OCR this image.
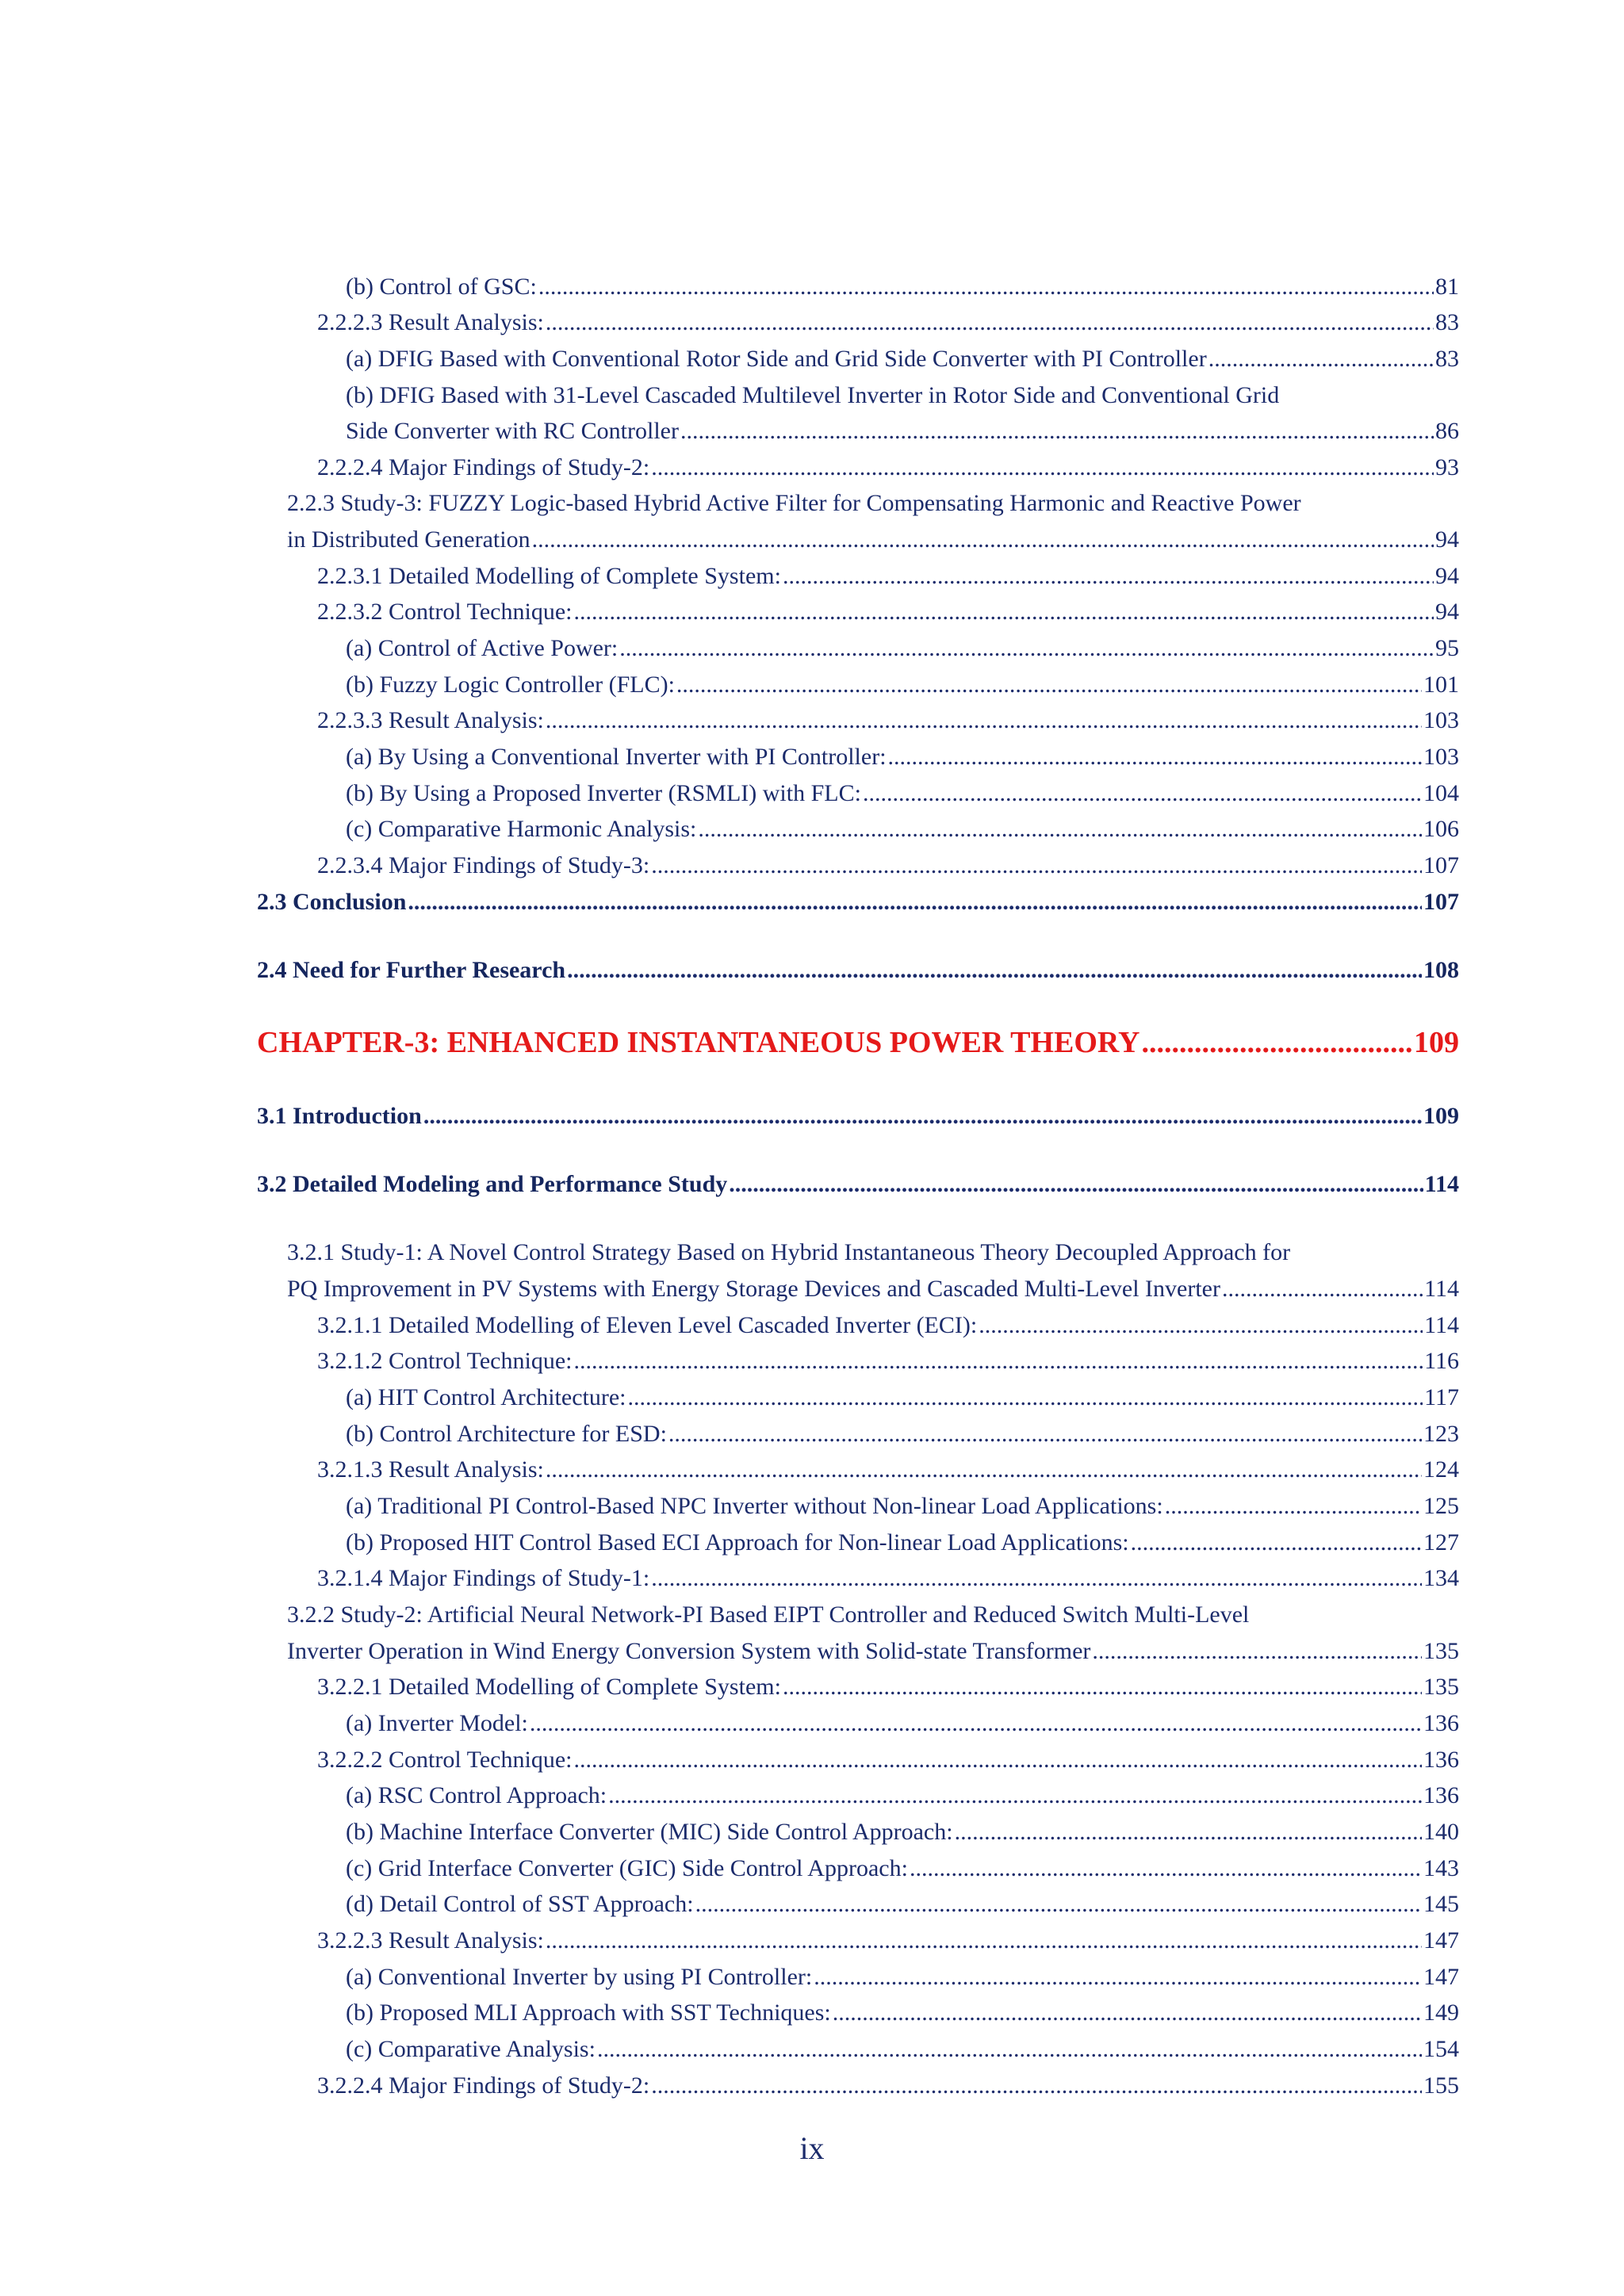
(b) Control of GSC: .....	81
2.2.2.3 Result Analysis: .....	83
(a) DFIG Based with Conventional Rotor Side and Grid Side Converter with PI Controller .....	83
(b) DFIG Based with 31-Level Cascaded Multilevel Inverter in Rotor Side and Conventional Grid
Side Converter with RC Controller .....	86
2.2.2.4 Major Findings of Study-2: .....	93
2.2.3 Study-3: FUZZY Logic-based Hybrid Active Filter for Compensating Harmonic and Reactive Power
in Distributed Generation .....	94
2.2.3.1 Detailed Modelling of Complete System: .....	94
2.2.3.2 Control Technique: .....	94
(a) Control of Active Power: .....	95
(b) Fuzzy Logic Controller (FLC): .....	101
2.2.3.3 Result Analysis: .....	103
(a) By Using a Conventional Inverter with PI Controller: .....	103
(b) By Using a Proposed Inverter (RSMLI) with FLC: .....	104
(c) Comparative Harmonic Analysis: .....	106
2.2.3.4 Major Findings of Study-3: .....	107
2.3 Conclusion .....	107
2.4 Need for Further Research .....	108
CHAPTER-3: ENHANCED INSTANTANEOUS POWER THEORY .....	109
3.1 Introduction .....	109
3.2 Detailed Modeling and Performance Study .....	114
3.2.1 Study-1: A Novel Control Strategy Based on Hybrid Instantaneous Theory Decoupled Approach for
PQ Improvement in PV Systems with Energy Storage Devices and Cascaded Multi-Level Inverter .....	114
3.2.1.1 Detailed Modelling of Eleven Level Cascaded Inverter (ECI): .....	114
3.2.1.2 Control Technique: .....	116
(a) HIT Control Architecture: .....	117
(b) Control Architecture for ESD: .....	123
3.2.1.3 Result Analysis: .....	124
(a) Traditional PI Control-Based NPC Inverter without Non-linear Load Applications: .....	125
(b) Proposed HIT Control Based ECI Approach for Non-linear Load Applications: .....	127
3.2.1.4 Major Findings of Study-1: .....	134
3.2.2 Study-2: Artificial Neural Network-PI Based EIPT Controller and Reduced Switch Multi-Level
Inverter Operation in Wind Energy Conversion System with Solid-state Transformer .....	135
3.2.2.1 Detailed Modelling of Complete System: .....	135
(a) Inverter Model: .....	136
3.2.2.2 Control Technique: .....	136
(a) RSC Control Approach: .....	136
(b) Machine Interface Converter (MIC) Side Control Approach: .....	140
(c) Grid Interface Converter (GIC) Side Control Approach: .....	143
(d) Detail Control of SST Approach: .....	145
3.2.2.3 Result Analysis: .....	147
(a) Conventional Inverter by using PI Controller: .....	147
(b) Proposed MLI Approach with SST Techniques: .....	149
(c) Comparative Analysis: .....	154
3.2.2.4 Major Findings of Study-2: .....	155
ix
